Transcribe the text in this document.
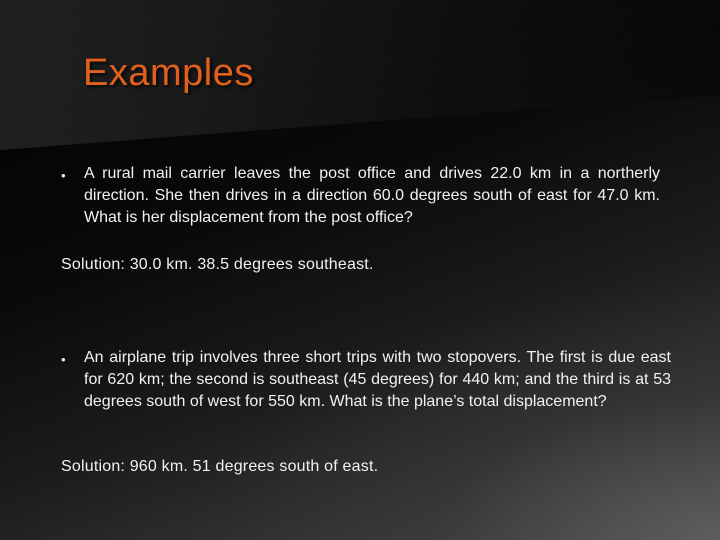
Examples
• A rural mail carrier leaves the post office and drives 22.0 km in a northerly direction. She then drives in a direction 60.0 degrees south of east for 47.0 km. What is her displacement from the post office?

Solution: 30.0 km. 38.5 degrees southeast.

• An airplane trip involves three short trips with two stopovers. The first is due east for 620 km; the second is southeast (45 degrees) for 440 km; and the third is at 53 degrees south of west for 550 km. What is the plane’s total displacement?

Solution: 960 km. 51 degrees south of east.
